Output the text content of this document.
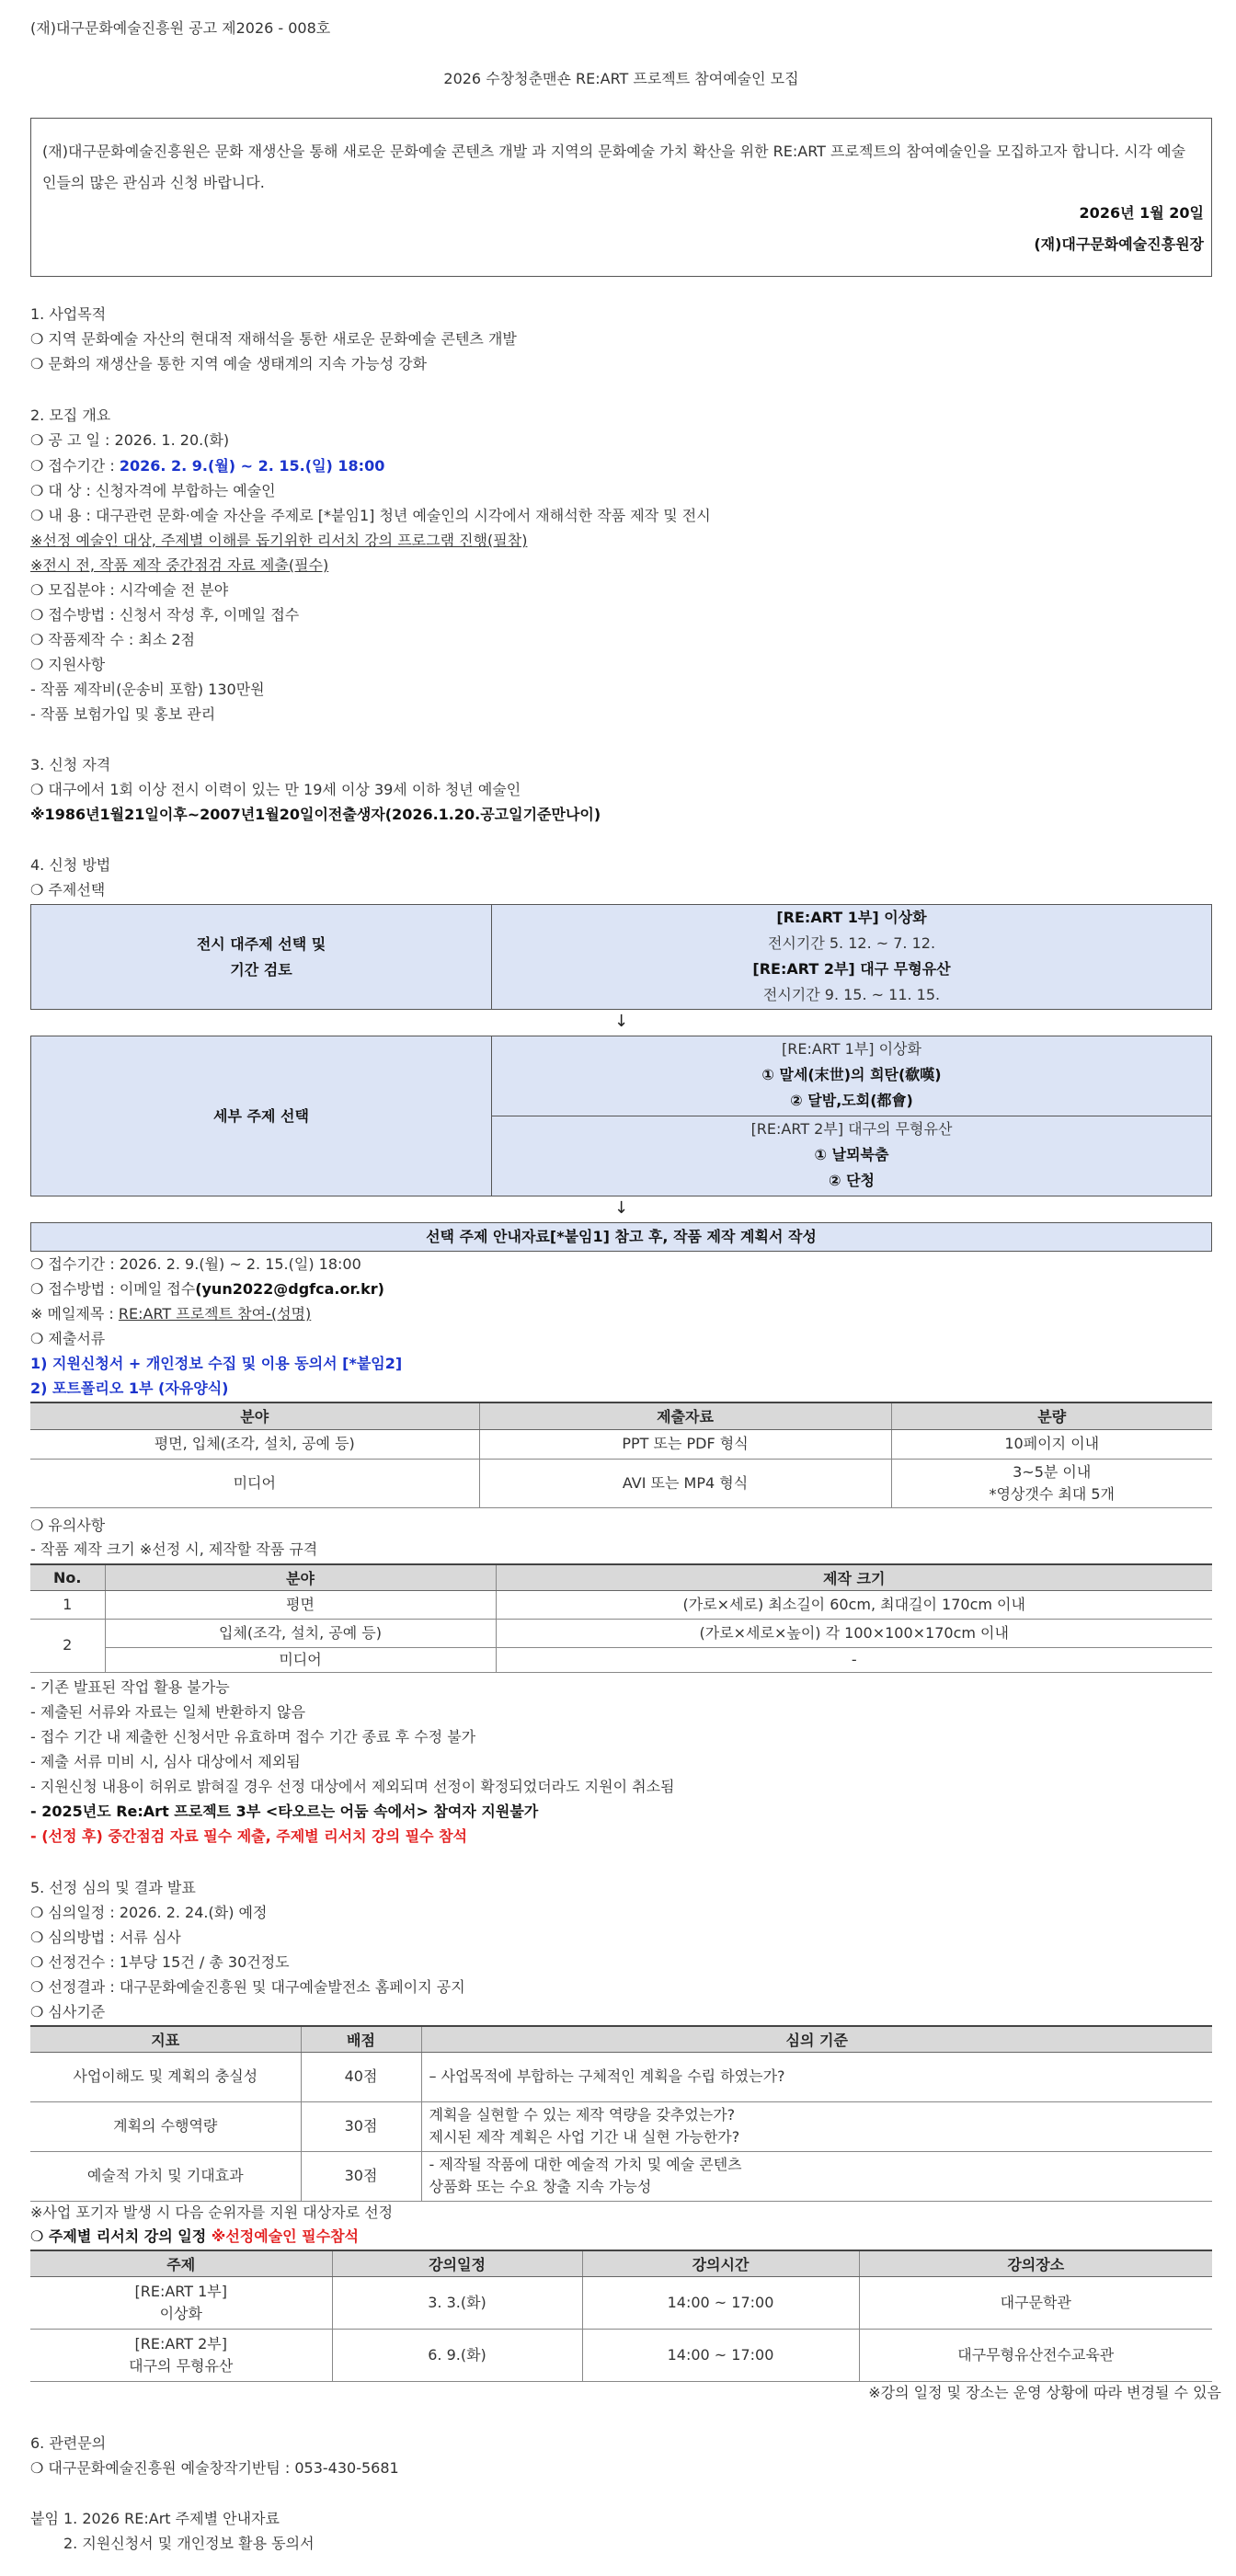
(재)대구문화예술진흥원 공고 제2026 - 008호
2026 수창청춘맨숀 RE:ART 프로젝트 참여예술인 모집
(재)대구문화예술진흥원은 문화 재생산을 통해 새로운 문화예술 콘텐츠 개발 과 지역의 문화예술 가치 확산을 위한 RE:ART 프로젝트의 참여예술인을 모집하고자 합니다. 시각 예술인들의 많은 관심과 신청 바랍니다.
2026년 1월 20일
(재)대구문화예술진흥원장
1. 사업목적
❍ 지역 문화예술 자산의 현대적 재해석을 통한 새로운 문화예술 콘텐츠 개발
❍ 문화의 재생산을 통한 지역 예술 생태계의 지속 가능성 강화
2. 모집 개요
❍ 공 고 일 : 2026. 1. 20.(화)
❍ 접수기간 : 2026. 2. 9.(월) ~ 2. 15.(일) 18:00
❍ 대 상 : 신청자격에 부합하는 예술인
❍ 내 용 : 대구관련 문화·예술 자산을 주제로 [*붙임1] 청년 예술인의 시각에서 재해석한 작품 제작 및 전시
※선정 예술인 대상, 주제별 이해를 돕기위한 리서치 강의 프로그램 진행(필참)
※전시 전, 작품 제작 중간점검 자료 제출(필수)
❍ 모집분야 : 시각예술 전 분야
❍ 접수방법 : 신청서 작성 후, 이메일 접수
❍ 작품제작 수 : 최소 2점
❍ 지원사항
- 작품 제작비(운송비 포함) 130만원
- 작품 보험가입 및 홍보 관리
3. 신청 자격
❍ 대구에서 1회 이상 전시 이력이 있는 만 19세 이상 39세 이하 청년 예술인
※1986년1월21일이후~2007년1월20일이전출생자(2026.1.20.공고일기준만나이)
4. 신청 방법
❍ 주제선택
전시 대주제 선택 및
기간 검토
[RE:ART 1부] 이상화
전시기간 5. 12. ~ 7. 12.
[RE:ART 2부] 대구 무형유산
전시기간 9. 15. ~ 11. 15.
↓
세부 주제 선택
[RE:ART 1부] 이상화
① 말세(末世)의 희탄(欷嘆)
② 달밤,도회(都會)
[RE:ART 2부] 대구의 무형유산
① 날뫼북춤
② 단청
↓
선택 주제 안내자료[*붙임1] 참고 후, 작품 제작 계획서 작성
❍ 접수기간 : 2026. 2. 9.(월) ~ 2. 15.(일) 18:00
❍ 접수방법 : 이메일 접수(yun2022@dgfca.or.kr)
※ 메일제목 : RE:ART 프로젝트 참여-(성명)
❍ 제출서류
1) 지원신청서 + 개인정보 수집 및 이용 동의서 [*붙임2]
2) 포트폴리오 1부 (자유양식)
분야	제출자료	분량
평면, 입체(조각, 설치, 공예 등)	PPT 또는 PDF 형식	10페이지 이내
미디어	AVI 또는 MP4 형식	3~5분 이내
*영상갯수 최대 5개
❍ 유의사항
- 작품 제작 크기 ※선정 시, 제작할 작품 규격
No.	분야	제작 크기
1	평면	(가로×세로) 최소길이 60cm, 최대길이 170cm 이내
2	입체(조각, 설치, 공예 등)	(가로×세로×높이) 각 100×100×170cm 이내
	미디어	-
- 기존 발표된 작업 활용 불가능
- 제출된 서류와 자료는 일체 반환하지 않음
- 접수 기간 내 제출한 신청서만 유효하며 접수 기간 종료 후 수정 불가
- 제출 서류 미비 시, 심사 대상에서 제외됨
- 지원신청 내용이 허위로 밝혀질 경우 선정 대상에서 제외되며 선정이 확정되었더라도 지원이 취소됨
- 2025년도 Re:Art 프로젝트 3부 <타오르는 어둠 속에서> 참여자 지원불가
- (선정 후) 중간점검 자료 필수 제출, 주제별 리서치 강의 필수 참석
5. 선정 심의 및 결과 발표
❍ 심의일정 : 2026. 2. 24.(화) 예정
❍ 심의방법 : 서류 심사
❍ 선정건수 : 1부당 15건 / 총 30건정도
❍ 선정결과 : 대구문화예술진흥원 및 대구예술발전소 홈페이지 공지
❍ 심사기준
지표	배점	심의 기준
사업이해도 및 계획의 충실성	40점	– 사업목적에 부합하는 구체적인 계획을 수립 하였는가?
계획의 수행역량	30점	계획을 실현할 수 있는 제작 역량을 갖추었는가?
제시된 제작 계획은 사업 기간 내 실현 가능한가?

예술적 가치 및 기대효과	30점	- 제작될 작품에 대한 예술적 가치 및 예술 콘텐츠
상품화 또는 수요 창출 지속 가능성
※사업 포기자 발생 시 다음 순위자를 지원 대상자로 선정
❍ 주제별 리서치 강의 일정 ※선정예술인 필수참석
주제	강의일정	강의시간	강의장소

[RE:ART 1부]
이상화	3. 3.(화)	14:00 ~ 17:00	대구문학관

[RE:ART 2부]
대구의 무형유산	6. 9.(화)	14:00 ~ 17:00	대구무형유산전수교육관
※강의 일정 및 장소는 운영 상황에 따라 변경될 수 있음
6. 관련문의
❍ 대구문화예술진흥원 예술창작기반팀 : 053-430-5681
붙임 1. 2026 RE:Art 주제별 안내자료
2. 지원신청서 및 개인정보 활용 동의서
